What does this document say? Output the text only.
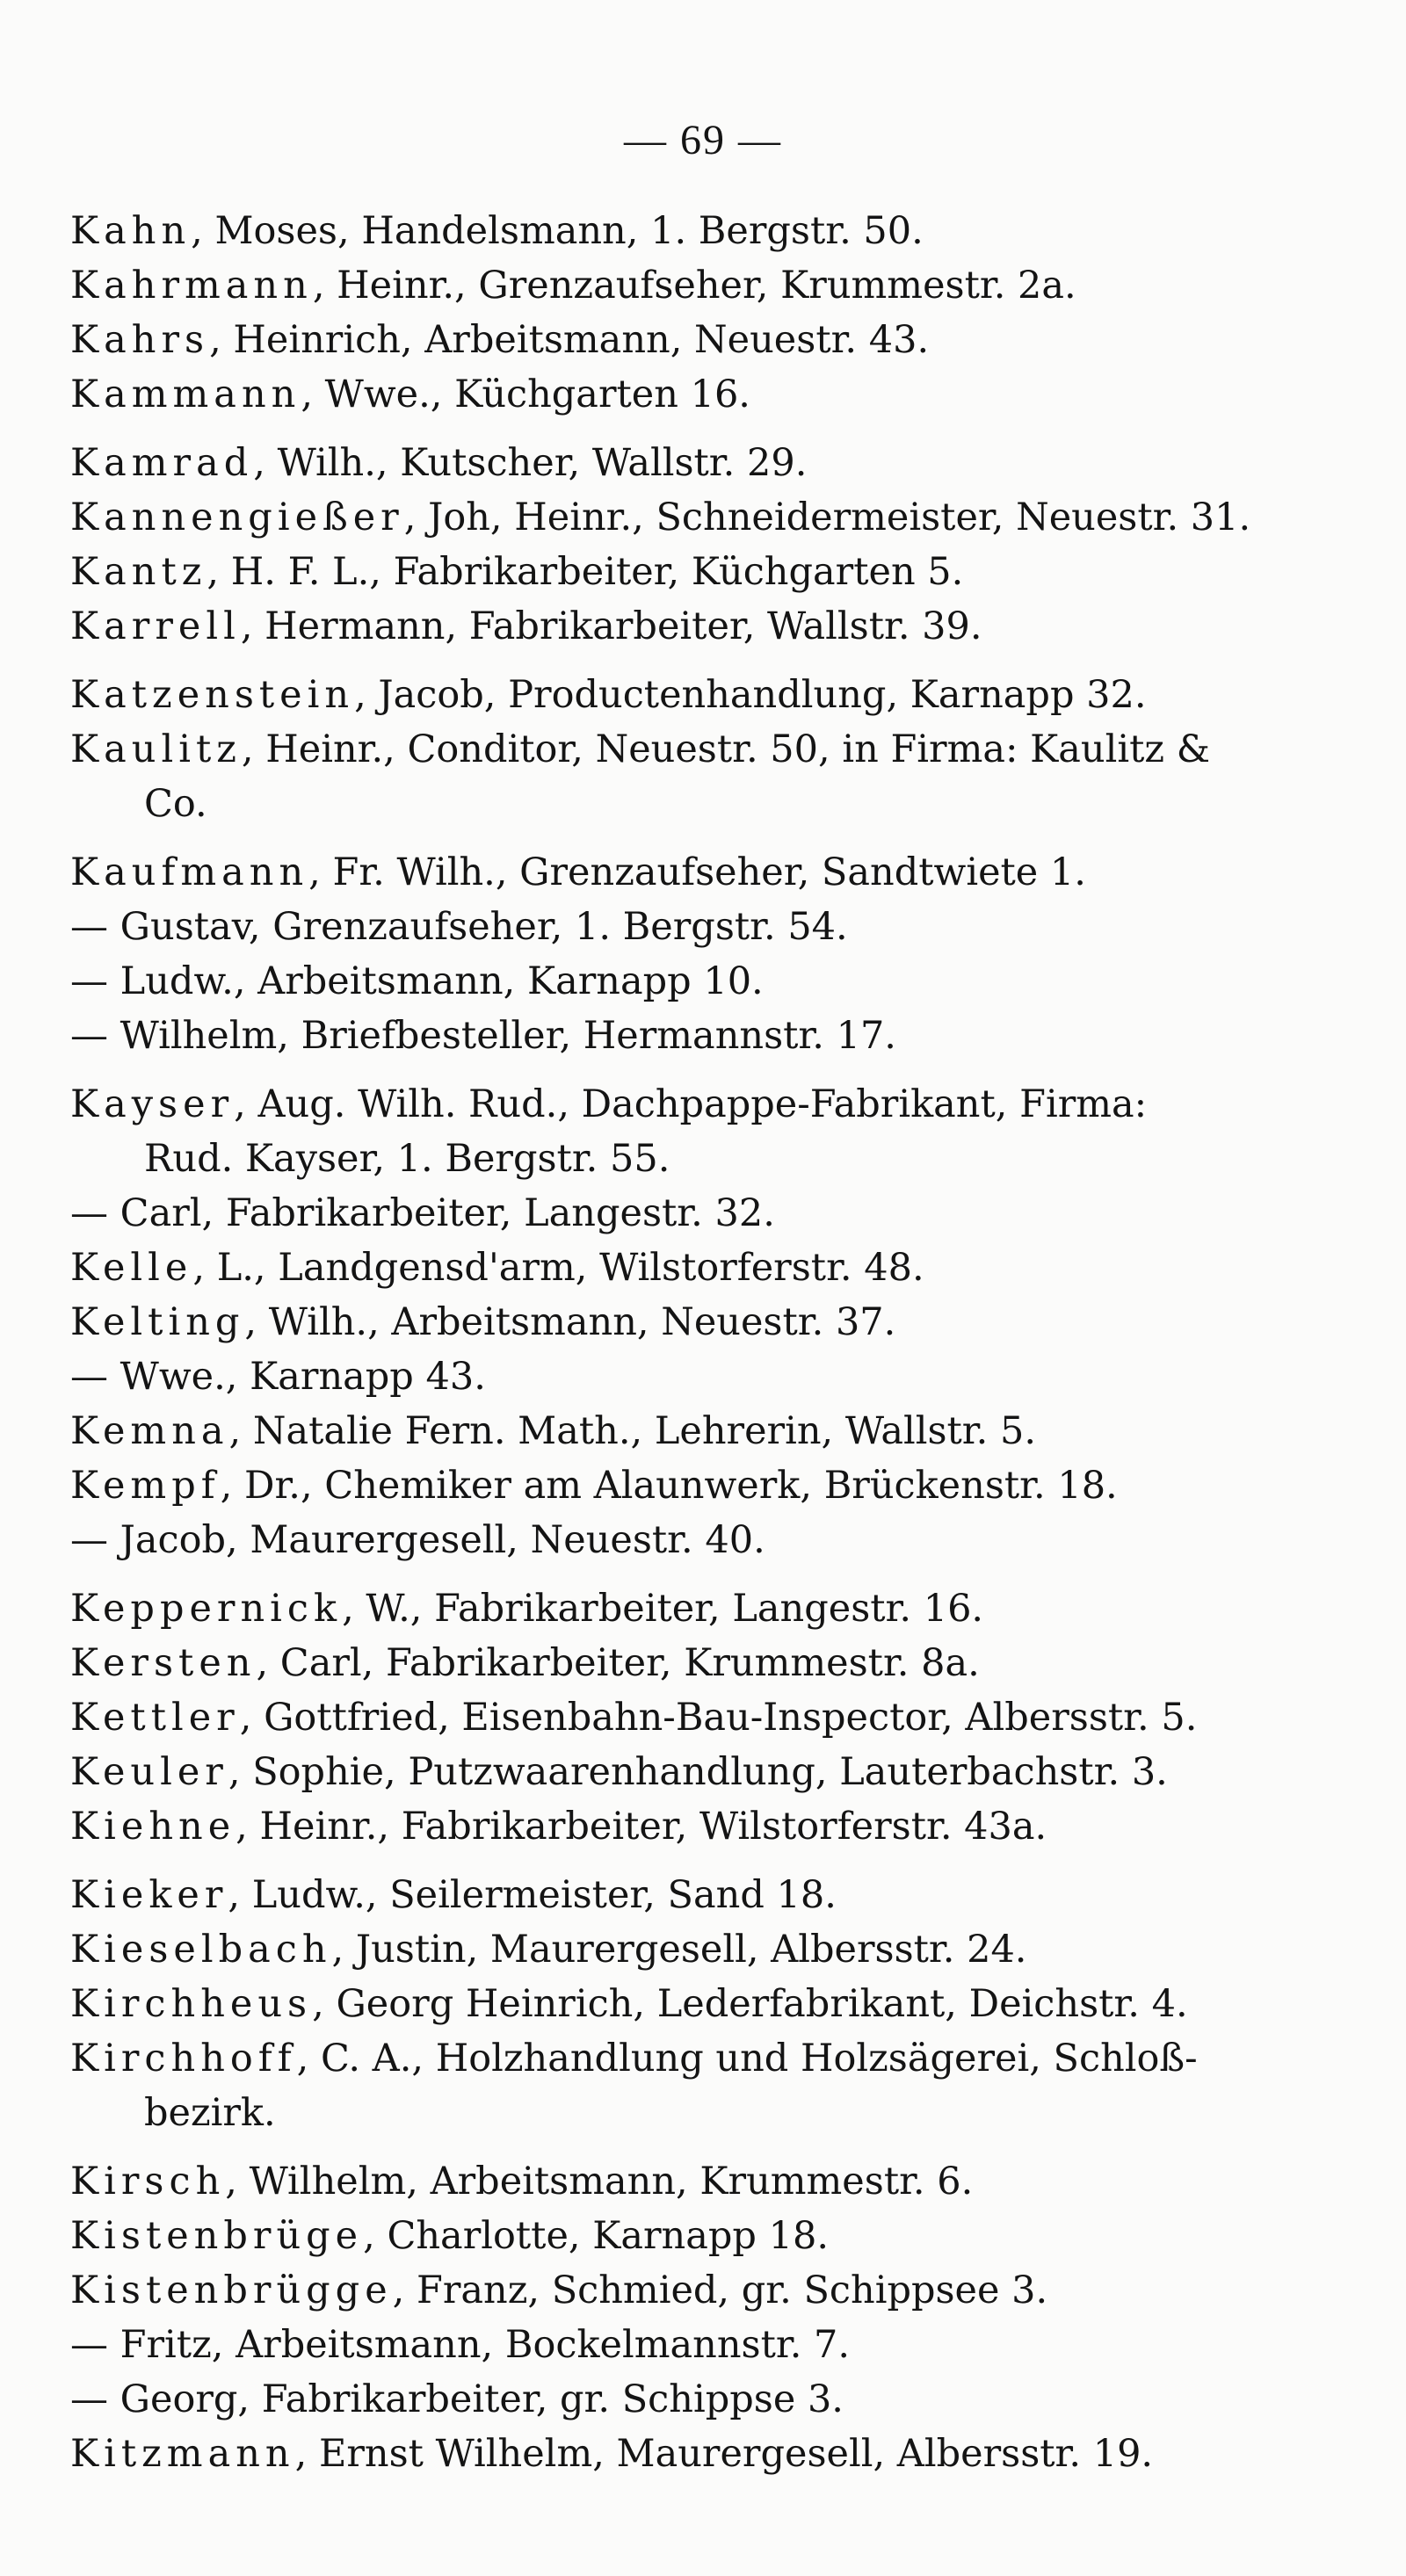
— 69 —
Kahn, Moses, Handelsmann, 1. Bergstr. 50.
Kahrmann, Heinr., Grenzaufseher, Krummestr. 2a.
Kahrs, Heinrich, Arbeitsmann, Neuestr. 43.
Kammann, Wwe., Küchgarten 16.
Kamrad, Wilh., Kutscher, Wallstr. 29.
Kannengießer, Joh, Heinr., Schneidermeister, Neuestr. 31.
Kantz, H. F. L., Fabrikarbeiter, Küchgarten 5.
Karrell, Hermann, Fabrikarbeiter, Wallstr. 39.
Katzenstein, Jacob, Productenhandlung, Karnapp 32.
Kaulitz, Heinr., Conditor, Neuestr. 50, in Firma: Kaulitz & Co.
Kaufmann, Fr. Wilh., Grenzaufseher, Sandtwiete 1.
— Gustav, Grenzaufseher, 1. Bergstr. 54.
— Ludw., Arbeitsmann, Karnapp 10.
— Wilhelm, Briefbesteller, Hermannstr. 17.
Kayser, Aug. Wilh. Rud., Dachpappe-Fabrikant, Firma: Rud. Kayser, 1. Bergstr. 55.
— Carl, Fabrikarbeiter, Langestr. 32.
Kelle, L., Landgensd'arm, Wilstorferstr. 48.
Kelting, Wilh., Arbeitsmann, Neuestr. 37.
— Wwe., Karnapp 43.
Kemna, Natalie Fern. Math., Lehrerin, Wallstr. 5.
Kempf, Dr., Chemiker am Alaunwerk, Brückenstr. 18.
— Jacob, Maurergesell, Neuestr. 40.
Keppernick, W., Fabrikarbeiter, Langestr. 16.
Kersten, Carl, Fabrikarbeiter, Krummestr. 8a.
Kettler, Gottfried, Eisenbahn-Bau-Inspector, Albersstr. 5.
Keuler, Sophie, Putzwaarenhandlung, Lauterbachstr. 3.
Kiehne, Heinr., Fabrikarbeiter, Wilstorferstr. 43a.
Kieker, Ludw., Seilermeister, Sand 18.
Kieselbach, Justin, Maurergesell, Albersstr. 24.
Kirchheus, Georg Heinrich, Lederfabrikant, Deichstr. 4.
Kirchhoff, C. A., Holzhandlung und Holzsägerei, Schloß-bezirk.
Kirsch, Wilhelm, Arbeitsmann, Krummestr. 6.
Kistenbrüge, Charlotte, Karnapp 18.
Kistenbrügge, Franz, Schmied, gr. Schippsee 3.
— Fritz, Arbeitsmann, Bockelmannstr. 7.
— Georg, Fabrikarbeiter, gr. Schippse 3.
Kitzmann, Ernst Wilhelm, Maurergesell, Albersstr. 19.
